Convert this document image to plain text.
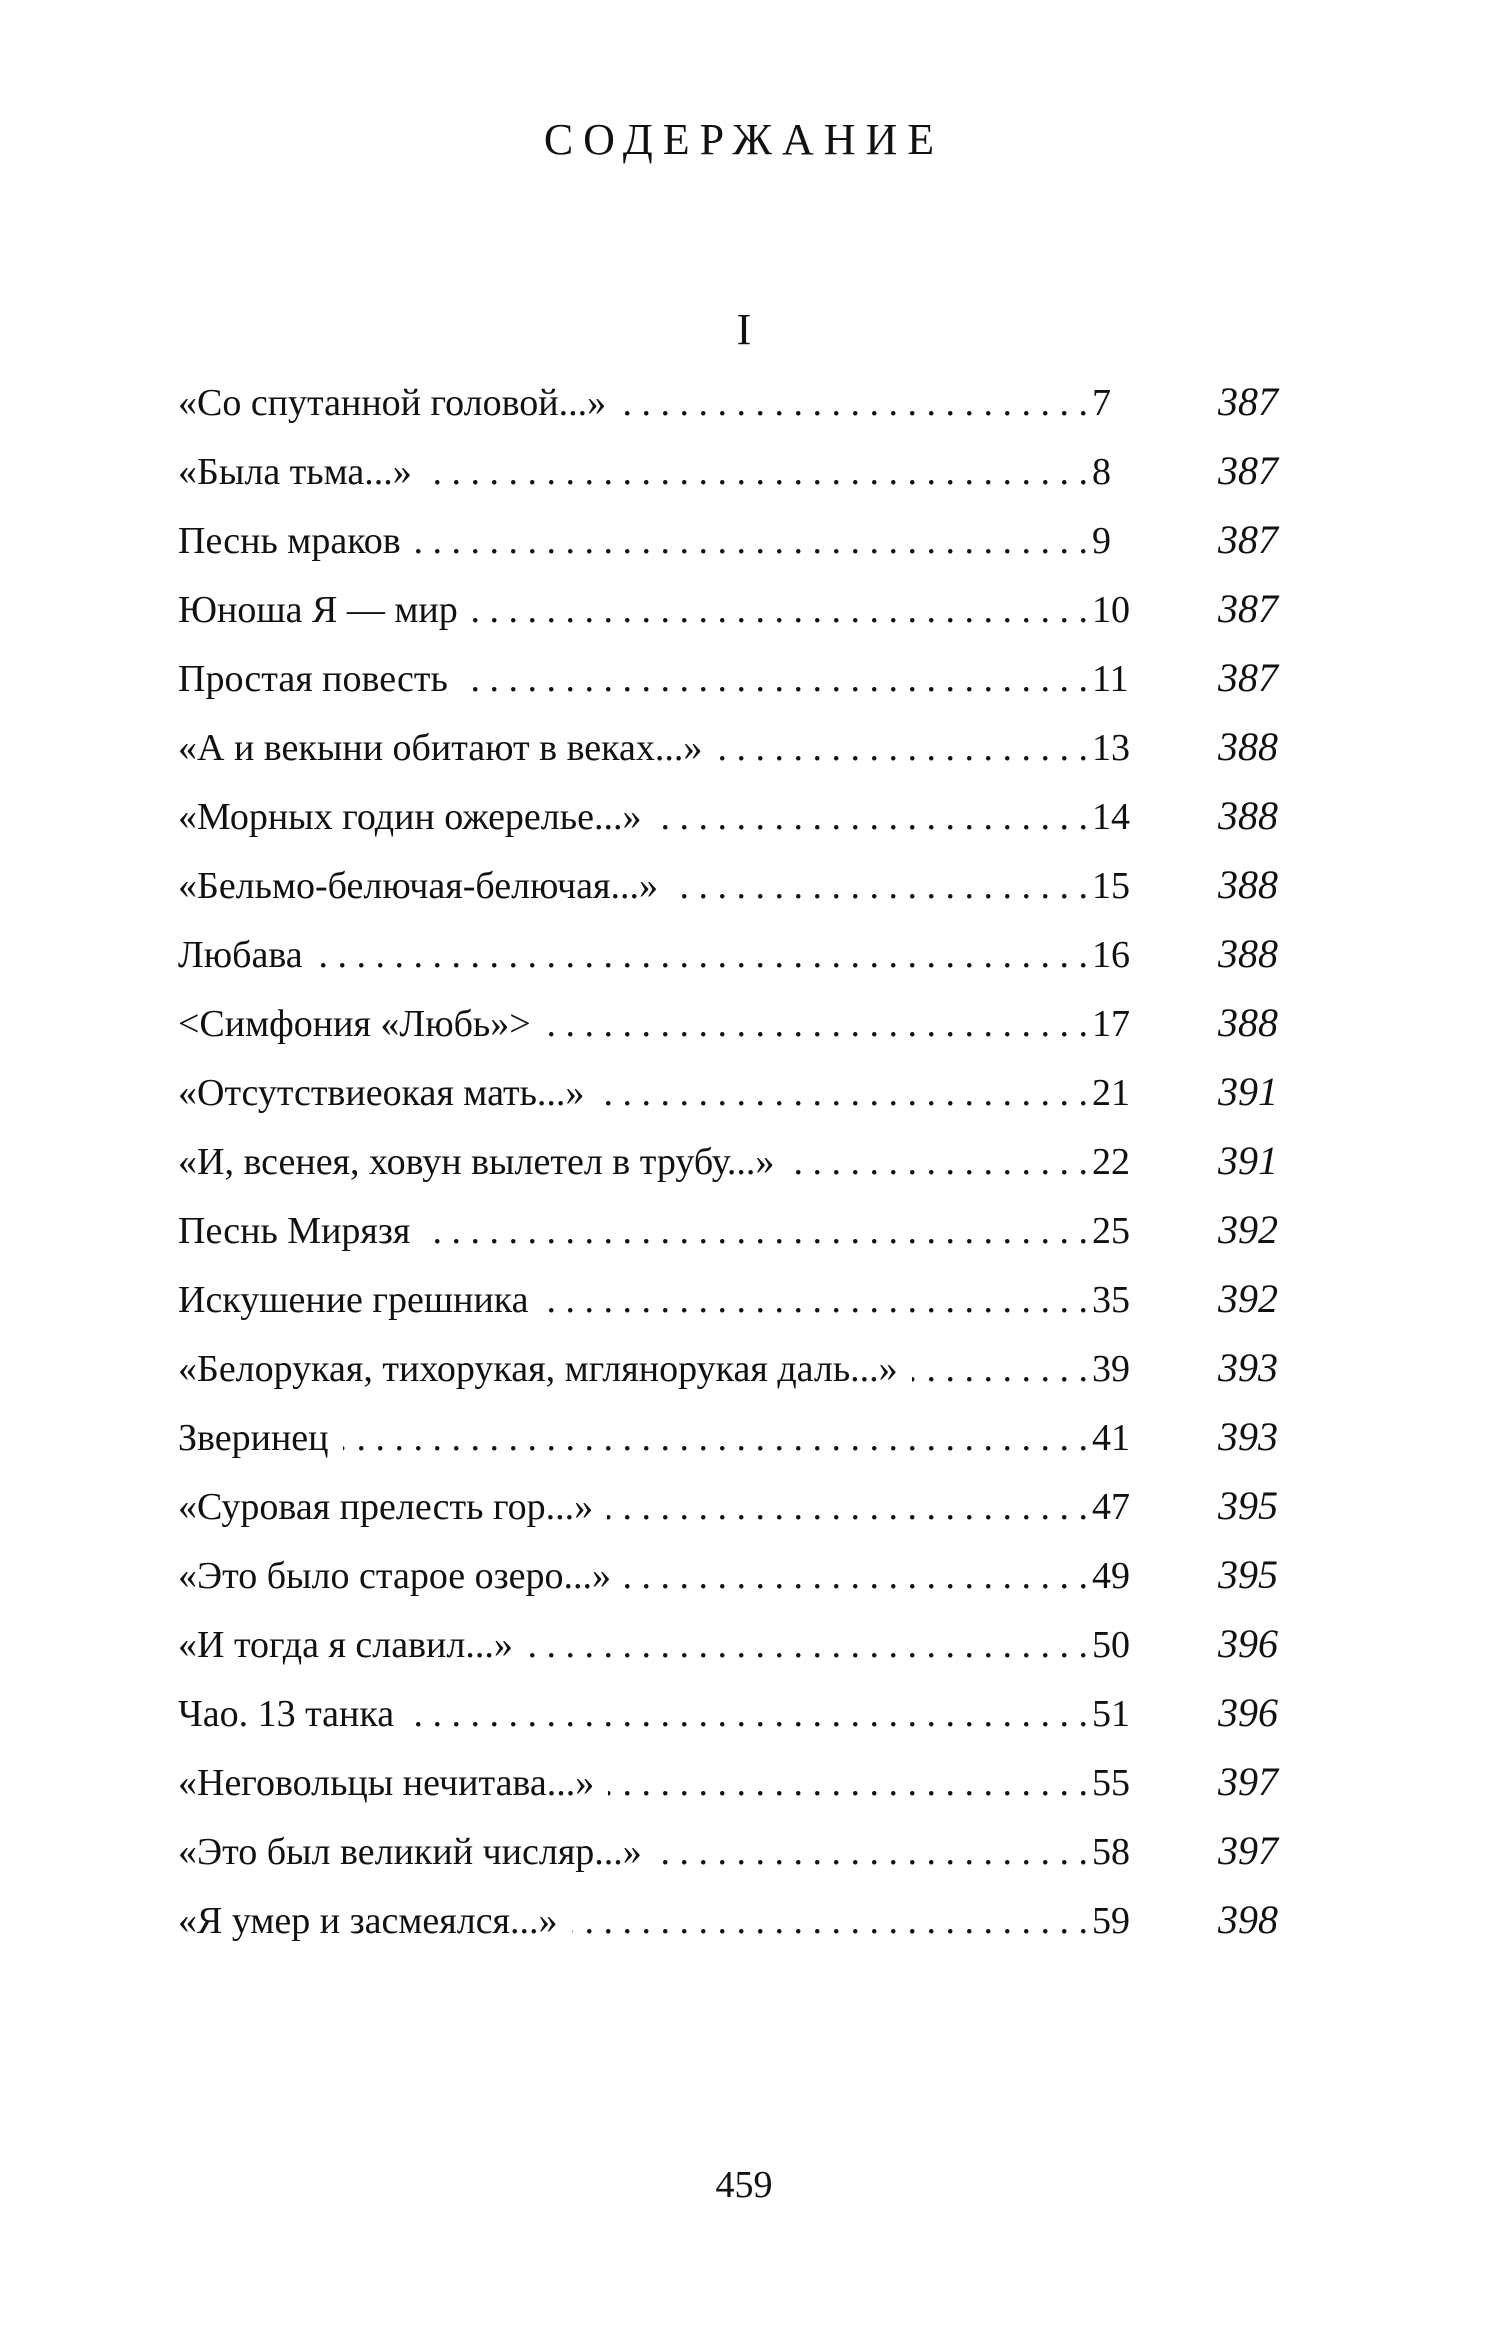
СОДЕРЖАНИЕ
I
«Со спутанной головой...» . . .	7	387
«Была тьма...» . . .	8	387
Песнь мраков . . .	9	387
Юноша Я — мир . . .	10	387
Простая повесть . . .	11	387
«А и векыни обитают в веках...» . . .	13	388
«Морных годин ожерелье...» . . .	14	388
«Бельмо-белючая-белючая...» . . .	15	388
Любава . . .	16	388
<Симфония «Любь»> . . .	17	388
«Отсутствиеокая мать...» . . .	21	391
«И, всенея, ховун вылетел в трубу...» . . .	22	391
Песнь Мирязя . . .	25	392
Искушение грешника . . .	35	392
«Белорукая, тихорукая, мглянорукая даль...» . . .	39	393
Зверинец . . .	41	393
«Суровая прелесть гор...» . . .	47	395
«Это было старое озеро...» . . .	49	395
«И тогда я славил...» . . .	50	396
Чао. 13 танка . . .	51	396
«Неговольцы нечитава...» . . .	55	397
«Это был великий числяр...» . . .	58	397
«Я умер и засмеялся...» . . .	59	398
459
